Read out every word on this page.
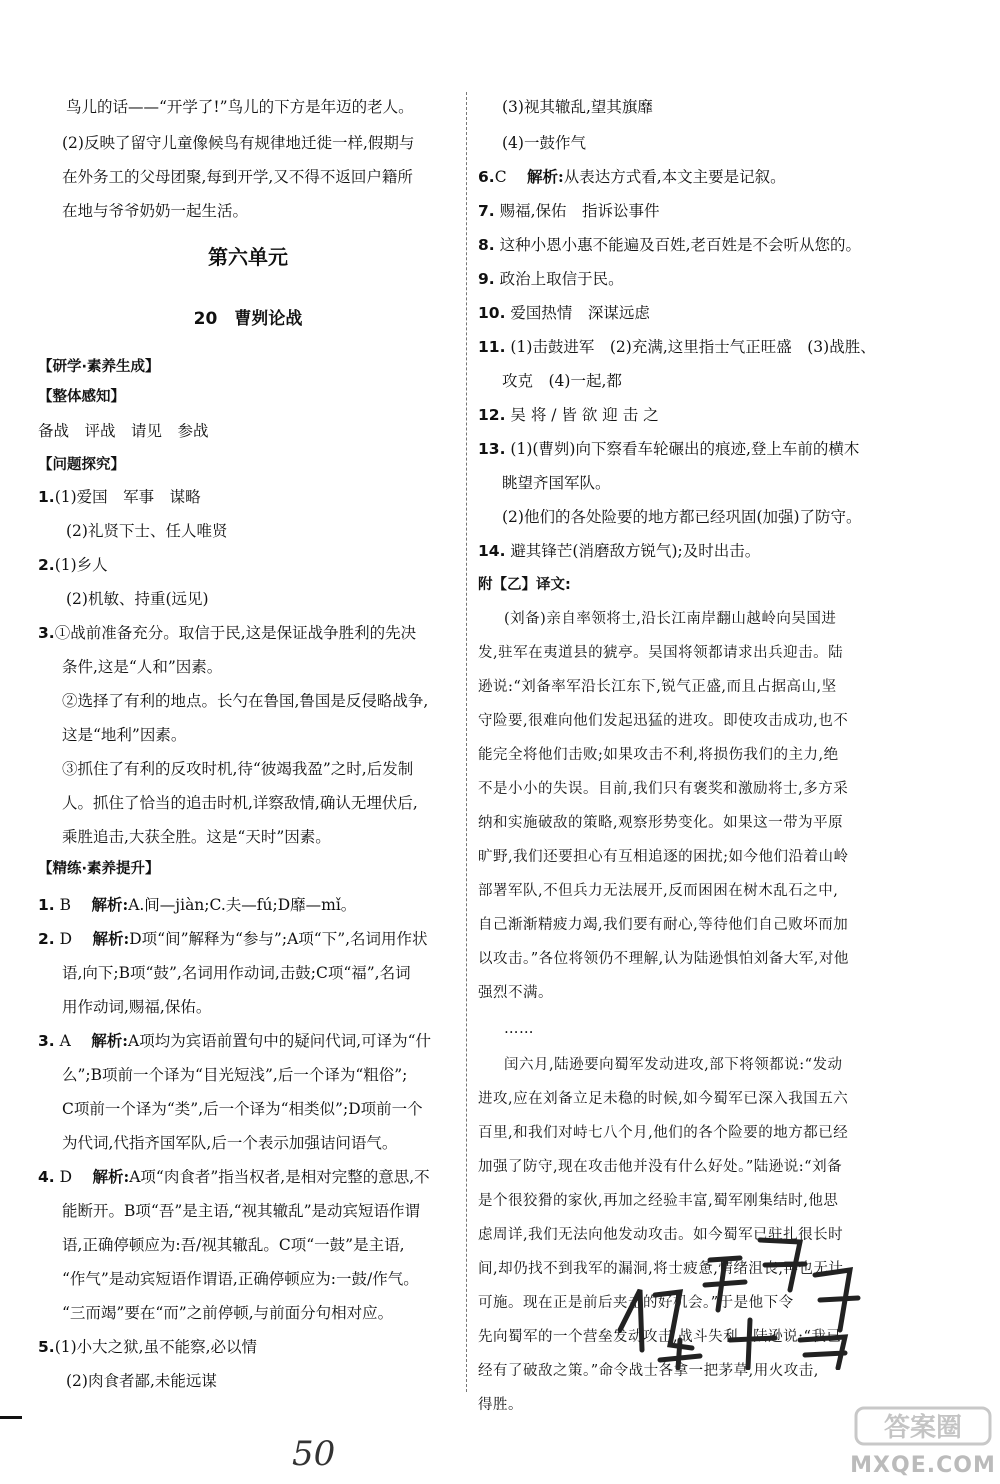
鸟儿的话——“开学了!”鸟儿的下方是年迈的老人。
(2)反映了留守儿童像候鸟有规律地迁徙一样,假期与
在外务工的父母团聚,每到开学,又不得不返回户籍所
在地与爷爷奶奶一起生活。
第六单元
20　曹刿论战
【研学·素养生成】
【整体感知】
备战　评战　请见　参战
【问题探究】
1.(1)爱国　军事　谋略
(2)礼贤下士、任人唯贤
2.(1)乡人
(2)机敏、持重(远见)
3.①战前准备充分。取信于民,这是保证战争胜利的先决
条件,这是“人和”因素。
②选择了有利的地点。长勺在鲁国,鲁国是反侵略战争,
这是“地利”因素。
③抓住了有利的反攻时机,待“彼竭我盈”之时,后发制
人。抓住了恰当的追击时机,详察敌情,确认无埋伏后,
乘胜追击,大获全胜。这是“天时”因素。
【精练·素养提升】
1. B　 解析:A.间—jiàn;C.夫—fú;D靡—mǐ。
2. D　 解析:D项“间”解释为“参与”;A项“下”,名词用作状
语,向下;B项“鼓”,名词用作动词,击鼓;C项“福”,名词
用作动词,赐福,保佑。
3. A　 解析:A项均为宾语前置句中的疑问代词,可译为“什
么”;B项前一个译为“目光短浅”,后一个译为“粗俗”;
C项前一个译为“类”,后一个译为“相类似”;D项前一个
为代词,代指齐国军队,后一个表示加强诘问语气。
4. D　 解析:A项“肉食者”指当权者,是相对完整的意思,不
能断开。B项“吾”是主语,“视其辙乱”是动宾短语作谓
语,正确停顿应为:吾/视其辙乱。C项“一鼓”是主语,
“作气”是动宾短语作谓语,正确停顿应为:一鼓/作气。
“三而竭”要在“而”之前停顿,与前面分句相对应。
5.(1)小大之狱,虽不能察,必以情
(2)肉食者鄙,未能远谋
(3)视其辙乱,望其旗靡
(4)一鼓作气
6.C　 解析:从表达方式看,本文主要是记叙。
7. 赐福,保佑　指诉讼事件
8. 这种小恩小惠不能遍及百姓,老百姓是不会听从您的。
9. 政治上取信于民。
10. 爱国热情　深谋远虑
11. (1)击鼓进军　(2)充满,这里指士气正旺盛　(3)战胜、
攻克　(4)一起,都
12. 吴 将 / 皆 欲 迎 击 之
13. (1)(曹刿)向下察看车轮碾出的痕迹,登上车前的横木
眺望齐国军队。
(2)他们的各处险要的地方都已经巩固(加强)了防守。
14. 避其锋芒(消磨敌方锐气);及时出击。
附【乙】译文:
(刘备)亲自率领将士,沿长江南岸翻山越岭向吴国进
发,驻军在夷道县的猇亭。吴国将领都请求出兵迎击。陆
逊说:“刘备率军沿长江东下,锐气正盛,而且占据高山,坚
守险要,很难向他们发起迅猛的进攻。即使攻击成功,也不
能完全将他们击败;如果攻击不利,将损伤我们的主力,绝
不是小小的失误。目前,我们只有褒奖和激励将士,多方采
纳和实施破敌的策略,观察形势变化。如果这一带为平原
旷野,我们还要担心有互相追逐的困扰;如今他们沿着山岭
部署军队,不但兵力无法展开,反而困困在树木乱石之中,
自己渐渐精疲力竭,我们要有耐心,等待他们自己败坏而加
以攻击。”各位将领仍不理解,认为陆逊惧怕刘备大军,对他
强烈不满。
……
闰六月,陆逊要向蜀军发动进攻,部下将领都说:“发动
进攻,应在刘备立足未稳的时候,如今蜀军已深入我国五六
百里,和我们对峙七八个月,他们的各个险要的地方都已经
加强了防守,现在攻击他并没有什么好处。”陆逊说:“刘备
是个很狡猾的家伙,再加之经验丰富,蜀军刚集结时,他思
虑周详,我们无法向他发动攻击。如今蜀军已驻扎很长时
间,却仍找不到我军的漏洞,将士疲惫,情绪沮丧,再也无计
可施。现在正是前后夹击的好机会。”于是他下令
先向蜀军的一个营垒发动攻击,战斗失利。陆逊说:“我已
经有了破敌之策。”命令战士各拿一把茅草,用火攻击,
得胜。
50
答案圈
MXQE.COM
